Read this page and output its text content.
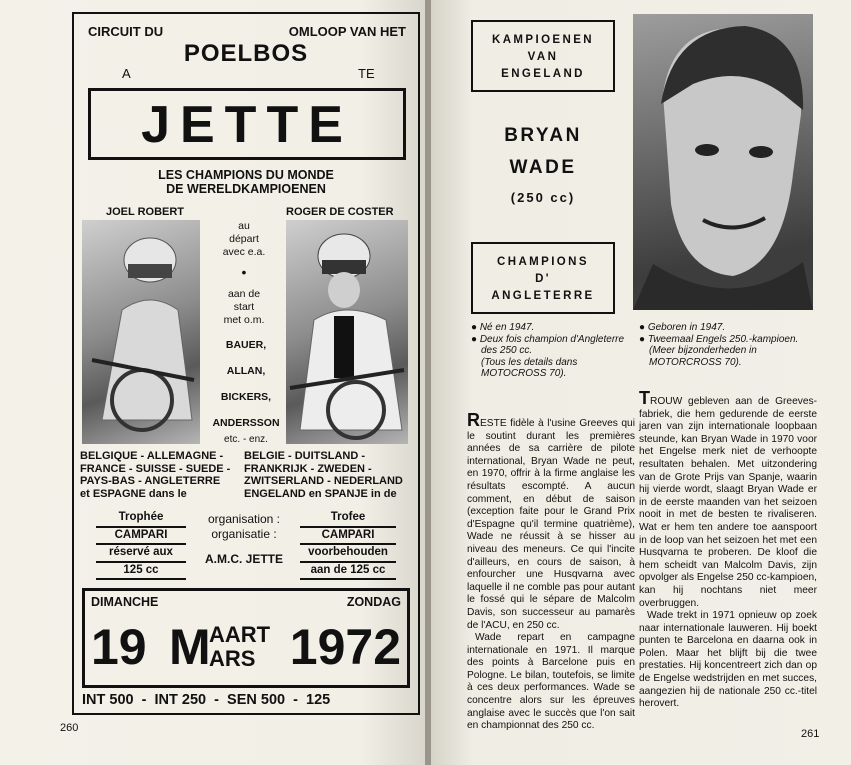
CIRCUIT DU	OMLOOP VAN HET
POELBOS
A	TE
JETTE
LES CHAMPIONS DU MONDE
DE WERELDKAMPIOENEN
JOEL ROBERT	ROGER DE COSTER
au
départ
avec e.a.
•
aan de
start
met o.m.
BAUER,
ALLAN,
BICKERS,
ANDERSSON
etc. - enz.
BELGIQUE - ALLEMAGNE -
FRANCE - SUISSE - SUEDE -
PAYS-BAS - ANGLETERRE
et ESPAGNE dans le
BELGIE - DUITSLAND -
FRANKRIJK - ZWEDEN -
ZWITSERLAND - NEDERLAND
ENGELAND en SPANJE in de
Trophée
CAMPARI
réservé aux
125 cc
organisation :
organisatie :
A.M.C. JETTE
Trofee
CAMPARI
voorbehouden
aan de 125 cc
DIMANCHE	ZONDAG
19 M
AART
ARS 1972
INT 500  -  INT 250  -  SEN 500  -  125
260
KAMPIOENEN
VAN
ENGELAND
BRYAN
WADE
(250 cc)
CHAMPIONS
D'
ANGLETERRE
● Né en 1947.
● Deux fois champion d'Angleterre des 250 cc.
(Tous les details dans MOTOCROSS 70).
● Geboren in 1947.
● Tweemaal Engels 250.-kampioen.
(Meer bijzonderheden in MOTORCROSS 70).

RESTE fidèle à l'usine Greeves qui le soutint durant les premières années de sa carrière de pilote international, Bryan Wade ne peut, en 1970, offrir à la firme anglaise les résultats escompté. A aucun comment, en début de saison (exception faite pour le Grand Prix d'Espagne qu'il termine quatrième), Wade ne réussit à se hisser au niveau des meneurs. Ce qui l'incite d'ailleurs, en cours de saison, à enfourcher une Husqvarna avec laquelle il ne comble pas pour autant le fossé qui le sépare de Malcolm Davis, son successeur au pamarès de l'ACU, en 250 cc.

Wade repart en campagne internationale en 1971. Il marque des points à Barcelone puis en Pologne. Le bilan, toutefois, se limite à ces deux performances. Wade se concentre alors sur les épreuves anglaise avec le succès que l'on sait en championnat des 250 cc.

TROUW gebleven aan de Greeves-fabriek, die hem gedurende de eerste jaren van zijn internationale loopbaan steunde, kan Bryan Wade in 1970 voor het Engelse merk niet de verhoopte resultaten behalen. Met uitzondering van de Grote Prijs van Spanje, waarin hij vierde wordt, slaagt Bryan Wade er in de eerste maanden van het seizoen nooit in met de besten te rivaliseren. Wat er hem ten andere toe aanspoort in de loop van het seizoen het met een Husqvarna te proberen. De kloof die hem scheidt van Malcolm Davis, zijn opvolger als Engelse 250 cc-kampioen, kan hij nochtans niet meer overbruggen.

Wade trekt in 1971 opnieuw op zoek naar internationale lauweren. Hij boekt punten te Barcelona en daarna ook in Polen. Maar het blijft bij die twee prestaties. Hij koncentreert zich dan op de Engelse wedstrijden en met succes, aangezien hij de nationale 250 cc.-titel herovert.

261
